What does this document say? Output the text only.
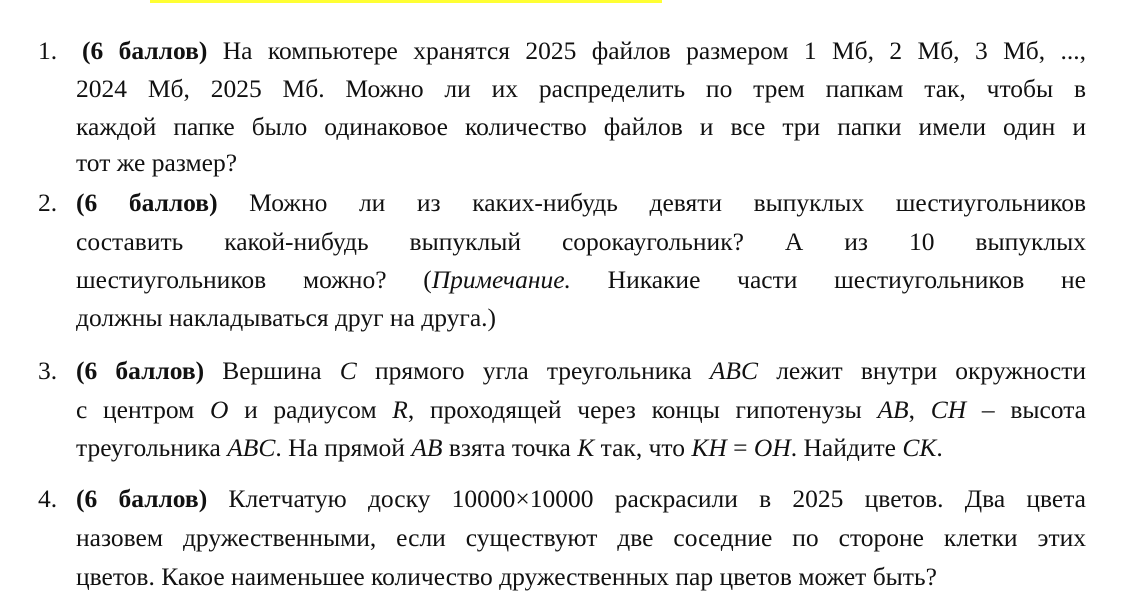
1. (6 баллов) На компьютере хранятся 2025 файлов размером 1 Мб, 2 Мб, 3 Мб, ...,
2024 Мб, 2025 Мб. Можно ли их распределить по трем папкам так, чтобы в
каждой папке было одинаковое количество файлов и все три папки имели один и
тот же размер?
2. (6 баллов) Можно ли из каких-нибудь девяти выпуклых шестиугольников
составить какой-нибудь выпуклый сорокаугольник? А из 10 выпуклых
шестиугольников можно? (Примечание. Никакие части шестиугольников не
должны накладываться друг на друга.)
3. (6 баллов) Вершина C прямого угла треугольника ABC лежит внутри окружности
с центром O и радиусом R, проходящей через концы гипотенузы AB, CH – высота
треугольника ABC. На прямой AB взята точка K так, что KH = OH. Найдите CK.
4. (6 баллов) Клетчатую доску 10000×10000 раскрасили в 2025 цветов. Два цвета
назовем дружественными, если существуют две соседние по стороне клетки этих
цветов. Какое наименьшее количество дружественных пар цветов может быть?
